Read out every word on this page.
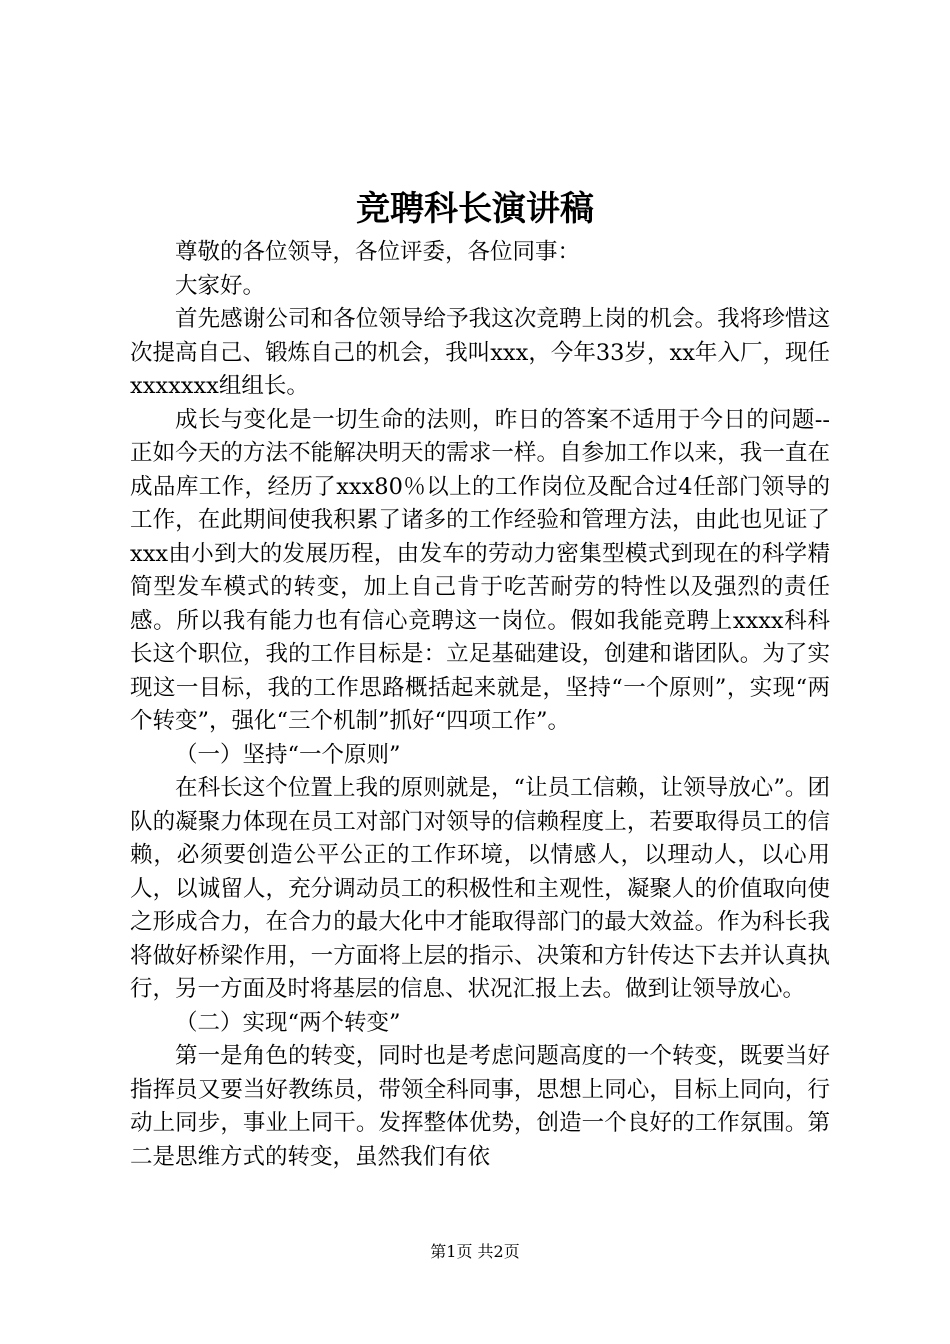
竞聘科长演讲稿

尊敬的各位领导，各位评委，各位同事：

大家好。

首先感谢公司和各位领导给予我这次竞聘上岗的机会。我将珍惜这次提高自己、锻炼自己的机会，我叫xxx，今年33岁，xx年入厂，现任xxxxxxx组组长。

成长与变化是一切生命的法则，昨日的答案不适用于今日的问题--正如今天的方法不能解决明天的需求一样。自参加工作以来，我一直在成品库工作，经历了xxx80％以上的工作岗位及配合过4任部门领导的工作，在此期间使我积累了诸多的工作经验和管理方法，由此也见证了xxx由小到大的发展历程，由发车的劳动力密集型模式到现在的科学精简型发车模式的转变，加上自己肯于吃苦耐劳的特性以及强烈的责任感。所以我有能力也有信心竞聘这一岗位。假如我能竞聘上xxxx科科长这个职位，我的工作目标是：立足基础建设，创建和谐团队。为了实现这一目标，我的工作思路概括起来就是，坚持“一个原则”，实现“两个转变”，强化“三个机制”抓好“四项工作”。

（一）坚持“一个原则”

在科长这个位置上我的原则就是，“让员工信赖，让领导放心”。团队的凝聚力体现在员工对部门对领导的信赖程度上，若要取得员工的信赖，必须要创造公平公正的工作环境，以情感人，以理动人，以心用人，以诚留人，充分调动员工的积极性和主观性，凝聚人的价值取向使之形成合力，在合力的最大化中才能取得部门的最大效益。作为科长我将做好桥梁作用，一方面将上层的指示、决策和方针传达下去并认真执行，另一方面及时将基层的信息、状况汇报上去。做到让领导放心。

（二）实现“两个转变”

第一是角色的转变，同时也是考虑问题高度的一个转变，既要当好指挥员又要当好教练员，带领全科同事，思想上同心，目标上同向，行动上同步，事业上同干。发挥整体优势，创造一个良好的工作氛围。第二是思维方式的转变，虽然我们有依

第1页 共2页
